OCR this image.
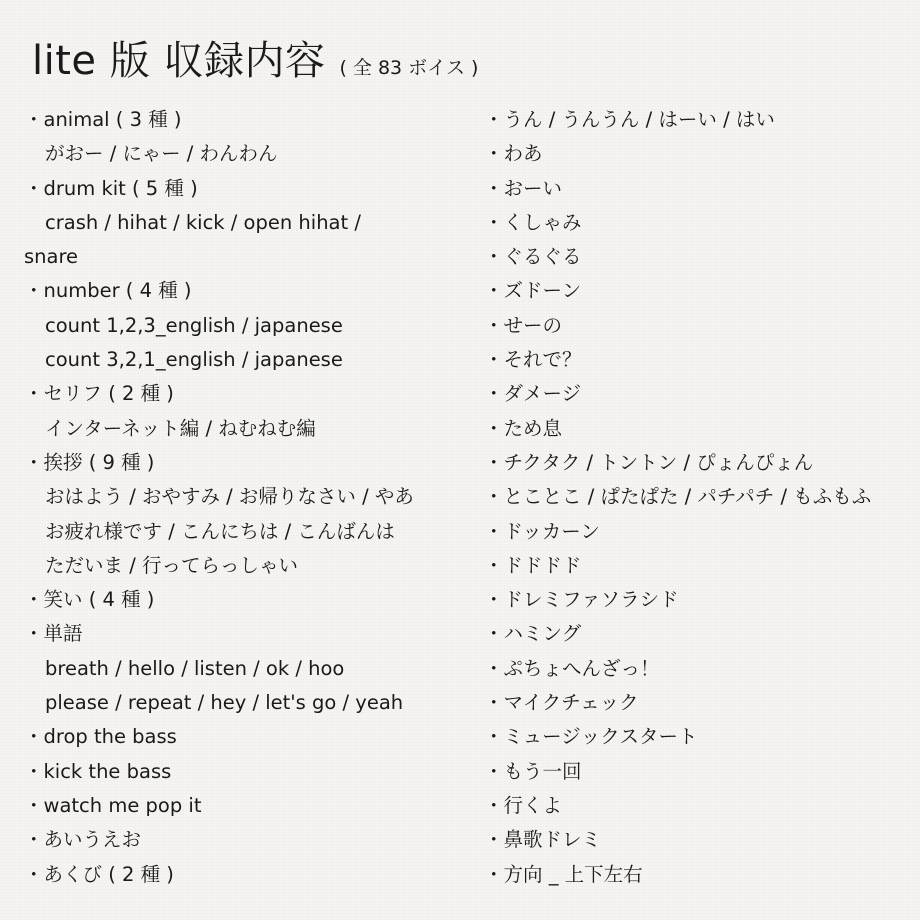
lite 版 収録内容 ( 全 83 ボイス )
・animal ( 3 種 )
がおー / にゃー / わんわん
・drum kit ( 5 種 )
crash / hihat / kick / open hihat /
snare
・number ( 4 種 )
count 1,2,3_english / japanese
count 3,2,1_english / japanese
・セリフ ( 2 種 )
インターネット編 / ねむねむ編
・挨拶 ( 9 種 )
おはよう / おやすみ / お帰りなさい / やあ
お疲れ様です / こんにちは / こんばんは
ただいま / 行ってらっしゃい
・笑い ( 4 種 )
・単語
breath / hello / listen / ok / hoo
please / repeat / hey / let's go / yeah
・drop the bass
・kick the bass
・watch me pop it
・あいうえお
・あくび ( 2 種 )
・うん / うんうん / はーい / はい
・わあ
・おーい
・くしゃみ
・ぐるぐる
・ズドーン
・せーの
・それで？
・ダメージ
・ため息
・チクタク / トントン / ぴょんぴょん
・とことこ / ぱたぱた / パチパチ / もふもふ
・ドッカーン
・ドドドド
・ドレミファソラシド
・ハミング
・ぷちょへんざっ！
・マイクチェック
・ミュージックスタート
・もう一回
・行くよ
・鼻歌ドレミ
・方向 _ 上下左右
